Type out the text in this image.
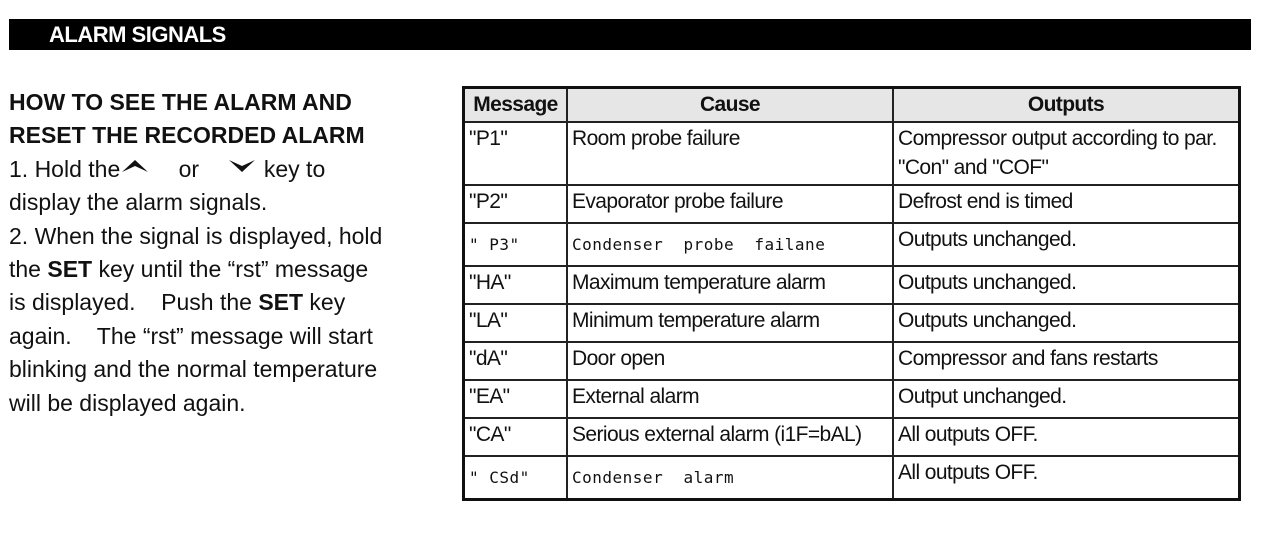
ALARM SIGNALS
HOW TO SEE THE ALARM AND
RESET THE RECORDED ALARM

1. Hold the	or	key to

display the alarm signals.

2. When the signal is displayed, hold

the SET key until the “rst” message

is displayed.    Push the SET key

again.    The “rst” message will start

blinking and the normal temperature

will be displayed again.

Message	Cause	Outputs
"P1"	Room probe failure	Compressor output according to par.
"Con" and "COF"

"P2"	Evaporator probe failure	Defrost end is timed
" P3"	Condenser  probe  failane	Outputs unchanged.
"HA"	Maximum temperature alarm	Outputs unchanged.
"LA"	Minimum temperature alarm	Outputs unchanged.
"dA"	Door open	Compressor and fans restarts
"EA"	External alarm	Output unchanged.
"CA"	Serious external alarm (i1F=bAL)	All outputs OFF.
" CSd"	Condenser  alarm	All outputs OFF.
